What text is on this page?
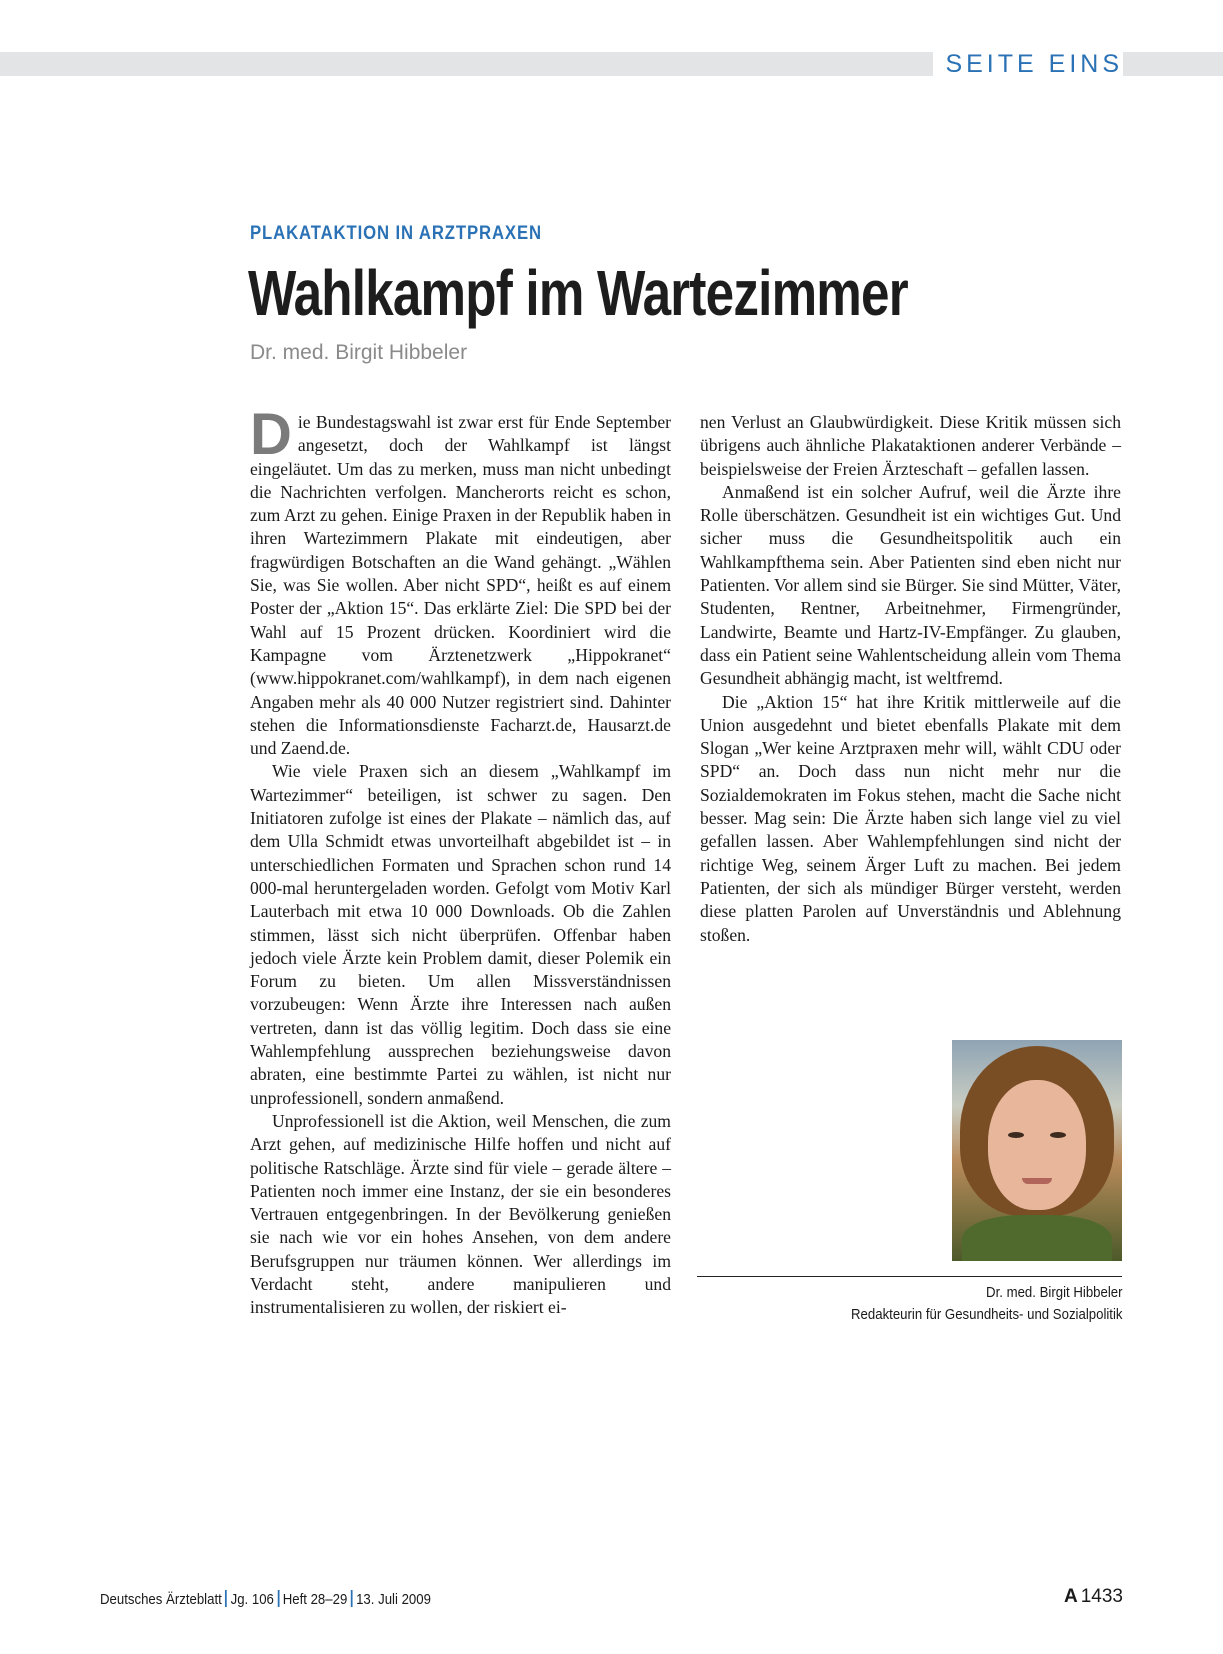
SEITE EINS
PLAKATAKTION IN ARZTPRAXEN
Wahlkampf im Wartezimmer
Dr. med. Birgit Hibbeler

Die Bundestagswahl ist zwar erst für Ende September angesetzt, doch der Wahlkampf ist längst eingeläutet. Um das zu merken, muss man nicht unbedingt die Nachrichten verfolgen. Mancherorts reicht es schon, zum Arzt zu gehen. Einige Praxen in der Republik haben in ihren Wartezimmern Plakate mit eindeutigen, aber fragwürdigen Botschaften an die Wand gehängt. „Wählen Sie, was Sie wollen. Aber nicht SPD“, heißt es auf einem Poster der „Aktion 15“. Das erklärte Ziel: Die SPD bei der Wahl auf 15 Prozent drücken. Koordiniert wird die Kampagne vom Ärztenetzwerk „Hippokranet“ (www.hippokranet.com/wahlkampf), in dem nach eigenen Angaben mehr als 40 000 Nutzer registriert sind. Dahinter stehen die Informationsdienste Facharzt.de, Hausarzt.de und Zaend.de.

Wie viele Praxen sich an diesem „Wahlkampf im Wartezimmer“ beteiligen, ist schwer zu sagen. Den Initiatoren zufolge ist eines der Plakate – nämlich das, auf dem Ulla Schmidt etwas unvorteilhaft abgebildet ist – in unterschiedlichen Formaten und Sprachen schon rund 14 000-mal heruntergeladen worden. Gefolgt vom Motiv Karl Lauterbach mit etwa 10 000 Downloads. Ob die Zahlen stimmen, lässt sich nicht überprüfen. Offenbar haben jedoch viele Ärzte kein Problem damit, dieser Polemik ein Forum zu bieten. Um allen Missverständnissen vorzubeugen: Wenn Ärzte ihre Interessen nach außen vertreten, dann ist das völlig legitim. Doch dass sie eine Wahlempfehlung aussprechen beziehungsweise davon abraten, eine bestimmte Partei zu wählen, ist nicht nur unprofessionell, sondern anmaßend.

Unprofessionell ist die Aktion, weil Menschen, die zum Arzt gehen, auf medizinische Hilfe hoffen und nicht auf politische Ratschläge. Ärzte sind für viele – gerade ältere – Patienten noch immer eine Instanz, der sie ein besonderes Vertrauen entgegenbringen. In der Bevölkerung genießen sie nach wie vor ein hohes Ansehen, von dem andere Berufsgruppen nur träumen können. Wer allerdings im Verdacht steht, andere manipulieren und instrumentalisieren zu wollen, der riskiert ei-

nen Verlust an Glaubwürdigkeit. Diese Kritik müssen sich übrigens auch ähnliche Plakataktionen anderer Verbände – beispielsweise der Freien Ärzteschaft – gefallen lassen.

Anmaßend ist ein solcher Aufruf, weil die Ärzte ihre Rolle überschätzen. Gesundheit ist ein wichtiges Gut. Und sicher muss die Gesundheitspolitik auch ein Wahlkampfthema sein. Aber Patienten sind eben nicht nur Patienten. Vor allem sind sie Bürger. Sie sind Mütter, Väter, Studenten, Rentner, Arbeitnehmer, Firmengründer, Landwirte, Beamte und Hartz-IV-Empfänger. Zu glauben, dass ein Patient seine Wahlentscheidung allein vom Thema Gesundheit abhängig macht, ist weltfremd.

Die „Aktion 15“ hat ihre Kritik mittlerweile auf die Union ausgedehnt und bietet ebenfalls Plakate mit dem Slogan „Wer keine Arztpraxen mehr will, wählt CDU oder SPD“ an. Doch dass nun nicht mehr nur die Sozialdemokraten im Fokus stehen, macht die Sache nicht besser. Mag sein: Die Ärzte haben sich lange viel zu viel gefallen lassen. Aber Wahlempfehlungen sind nicht der richtige Weg, seinem Ärger Luft zu machen. Bei jedem Patienten, der sich als mündiger Bürger versteht, werden diese platten Parolen auf Unverständnis und Ablehnung stoßen.

Dr. med. Birgit Hibbeler
Redakteurin für Gesundheits- und Sozialpolitik
Deutsches Ärzteblatt Jg. 106 Heft 28–29 13. Juli 2009	A 1433
